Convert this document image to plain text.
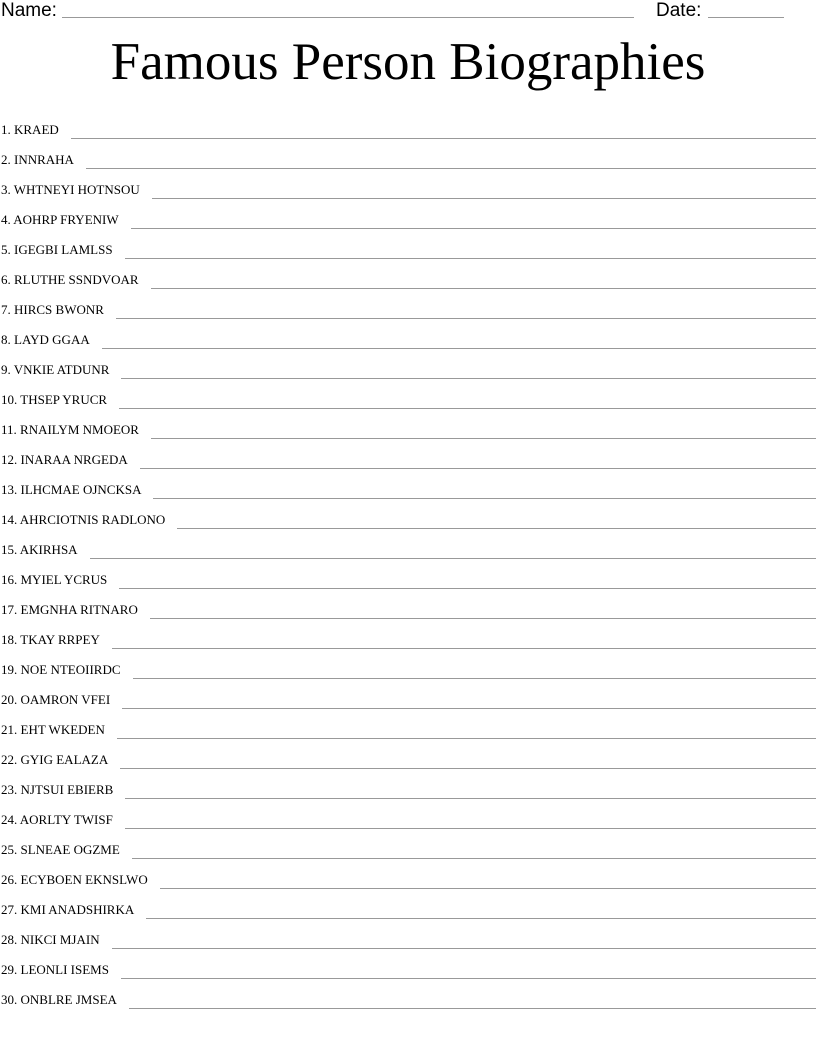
Name:	Date:
Famous Person Biographies
1. KRAED
2. INNRAHA
3. WHTNEYI HOTNSOU
4. AOHRP FRYENIW
5. IGEGBI LAMLSS
6. RLUTHE SSNDVOAR
7. HIRCS BWONR
8. LAYD GGAA
9. VNKIE ATDUNR
10. THSEP YRUCR
11. RNAILYM NMOEOR
12. INARAA NRGEDA
13. ILHCMAE OJNCKSA
14. AHRCIOTNIS RADLONO
15. AKIRHSA
16. MYIEL YCRUS
17. EMGNHA RITNARO
18. TKAY RRPEY
19. NOE NTEOIIRDC
20. OAMRON VFEI
21. EHT WKEDEN
22. GYIG EALAZA
23. NJTSUI EBIERB
24. AORLTY TWISF
25. SLNEAE OGZME
26. ECYBOEN EKNSLWO
27. KMI ANADSHIRKA
28. NIKCI MJAIN
29. LEONLI ISEMS
30. ONBLRE JMSEA
